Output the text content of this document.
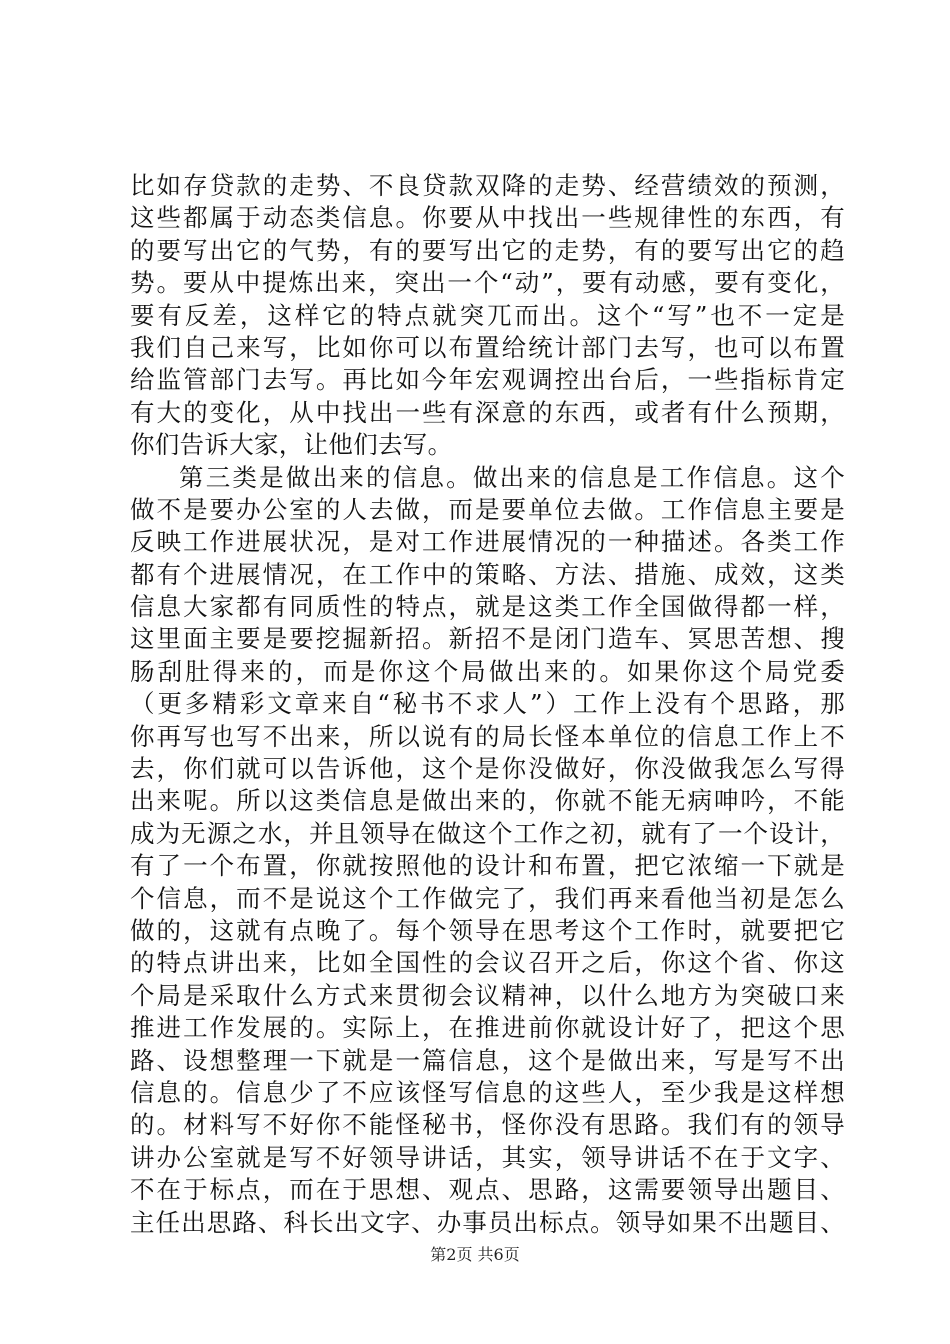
比如存贷款的走势、不良贷款双降的走势、经营绩效的预测，
这些都属于动态类信息。你要从中找出一些规律性的东西，有
的要写出它的气势，有的要写出它的走势，有的要写出它的趋
势。要从中提炼出来，突出一个“动”，要有动感，要有变化，
要有反差，这样它的特点就突兀而出。这个“写”也不一定是
我们自己来写，比如你可以布置给统计部门去写，也可以布置
给监管部门去写。再比如今年宏观调控出台后，一些指标肯定
有大的变化，从中找出一些有深意的东西，或者有什么预期，
你们告诉大家，让他们去写。
第三类是做出来的信息。做出来的信息是工作信息。这个
做不是要办公室的人去做，而是要单位去做。工作信息主要是
反映工作进展状况，是对工作进展情况的一种描述。各类工作
都有个进展情况，在工作中的策略、方法、措施、成效，这类
信息大家都有同质性的特点，就是这类工作全国做得都一样，
这里面主要是要挖掘新招。新招不是闭门造车、冥思苦想、搜
肠刮肚得来的，而是你这个局做出来的。如果你这个局党委
（更多精彩文章来自“秘书不求人”）工作上没有个思路，那
你再写也写不出来，所以说有的局长怪本单位的信息工作上不
去，你们就可以告诉他，这个是你没做好，你没做我怎么写得
出来呢。所以这类信息是做出来的，你就不能无病呻吟，不能
成为无源之水，并且领导在做这个工作之初，就有了一个设计，
有了一个布置，你就按照他的设计和布置，把它浓缩一下就是
个信息，而不是说这个工作做完了，我们再来看他当初是怎么
做的，这就有点晚了。每个领导在思考这个工作时，就要把它
的特点讲出来，比如全国性的会议召开之后，你这个省、你这
个局是采取什么方式来贯彻会议精神，以什么地方为突破口来
推进工作发展的。实际上，在推进前你就设计好了，把这个思
路、设想整理一下就是一篇信息，这个是做出来，写是写不出
信息的。信息少了不应该怪写信息的这些人，至少我是这样想
的。材料写不好你不能怪秘书，怪你没有思路。我们有的领导
讲办公室就是写不好领导讲话，其实，领导讲话不在于文字、
不在于标点，而在于思想、观点、思路，这需要领导出题目、
主任出思路、科长出文字、办事员出标点。领导如果不出题目、
第2页 共6页
